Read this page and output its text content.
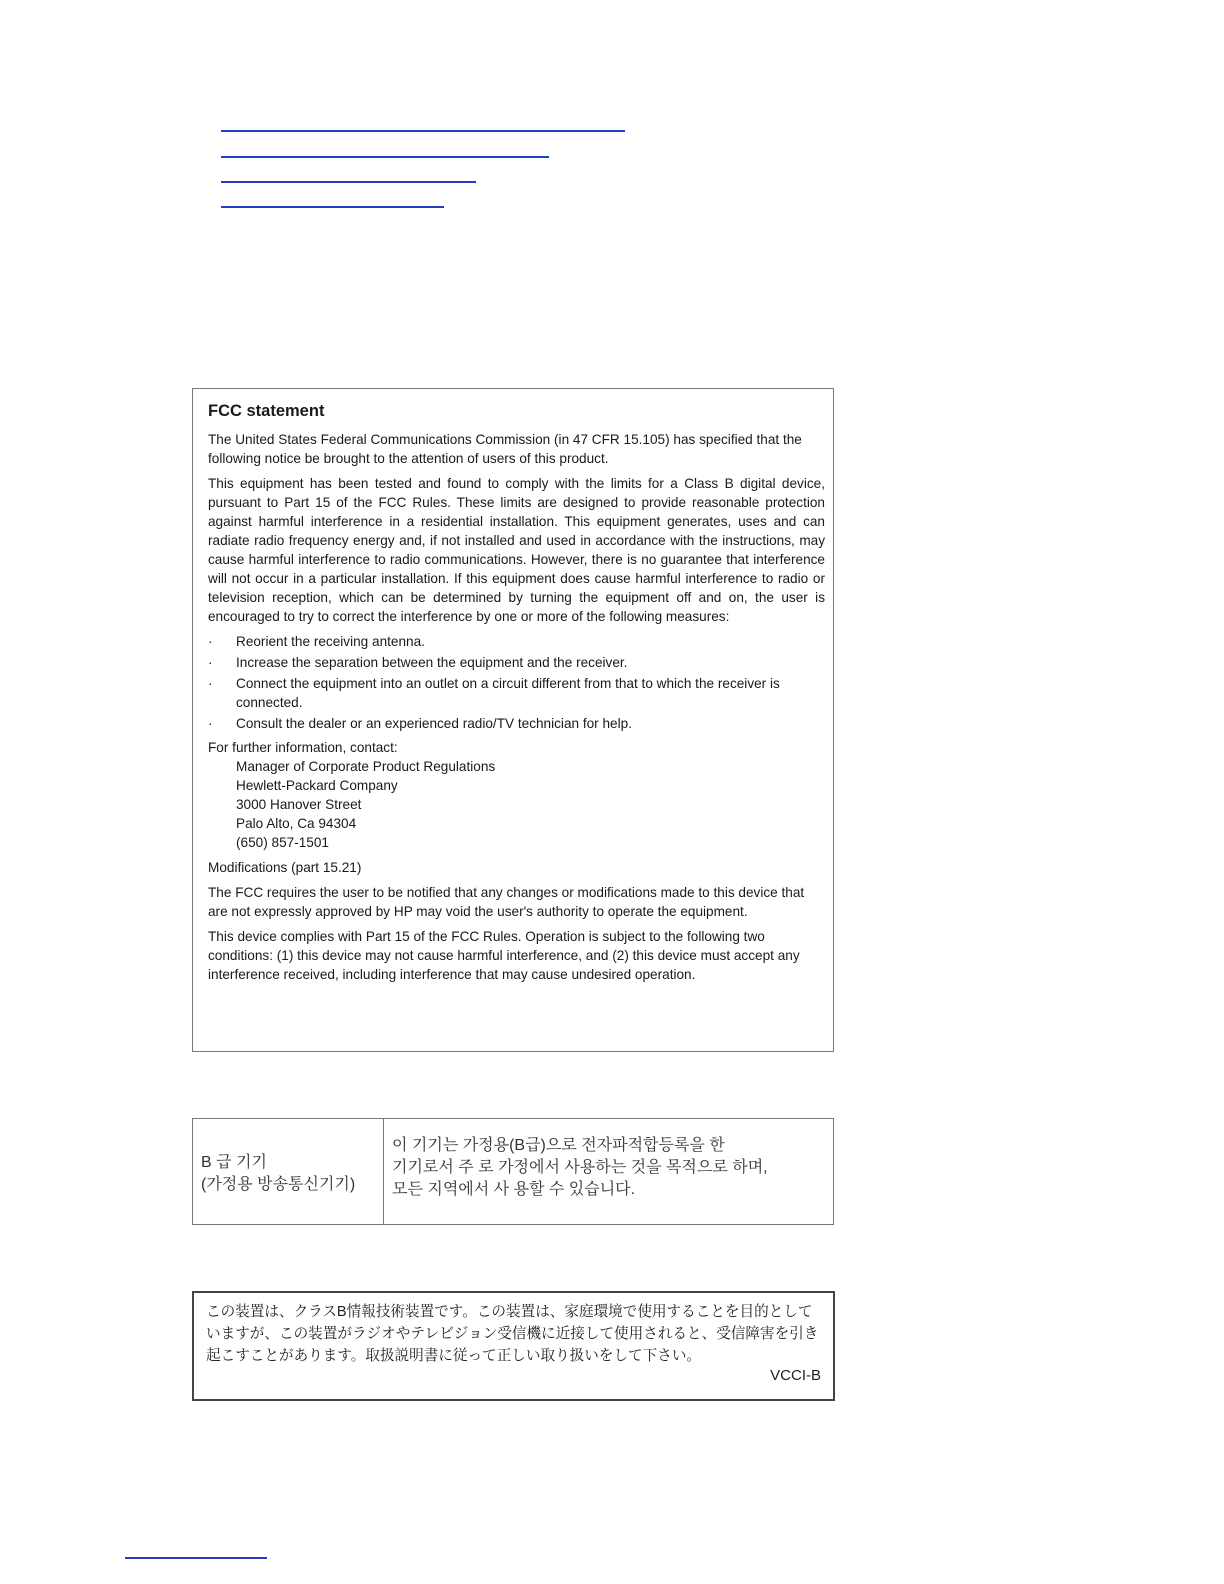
FCC statement

The United States Federal Communications Commission (in 47 CFR 15.105) has specified that the following notice be brought to the attention of users of this product.

This equipment has been tested and found to comply with the limits for a Class B digital device, pursuant to Part 15 of the FCC Rules. These limits are designed to provide reasonable protection against harmful interference in a residential installation. This equipment generates, uses and can radiate radio frequency energy and, if not installed and used in accordance with the instructions, may cause harmful interference to radio communications. However, there is no guarantee that interference will not occur in a particular installation. If this equipment does cause harmful interference to radio or television reception, which can be determined by turning the equipment off and on, the user is encouraged to try to correct the interference by one or more of the following measures:

· Reorient the receiving antenna.
· Increase the separation between the equipment and the receiver.
· Connect the equipment into an outlet on a circuit different from that to which the receiver is connected.
· Consult the dealer or an experienced radio/TV technician for help.
For further information, contact:
Manager of Corporate Product Regulations
Hewlett-Packard Company
3000 Hanover Street
Palo Alto, Ca 94304
(650) 857-1501

Modifications (part 15.21)

The FCC requires the user to be notified that any changes or modifications made to this device that are not expressly approved by HP may void the user's authority to operate the equipment.

This device complies with Part 15 of the FCC Rules. Operation is subject to the following two conditions: (1) this device may not cause harmful interference, and (2) this device must accept any interference received, including interference that may cause undesired operation.

B 급 기기
(가정용 방송통신기기)
이 기기는 가정용(B급)으로 전자파적합등록을 한
기기로서 주 로 가정에서 사용하는 것을 목적으로 하며,
모든 지역에서 사 용할 수 있습니다.

この装置は、クラスB情報技術装置です。この装置は、家庭環境で使用することを目的としていますが、この装置がラジオやテレビジョン受信機に近接して使用されると、受信障害を引き起こすことがあります。取扱説明書に従って正しい取り扱いをして下さい。

VCCI-B
